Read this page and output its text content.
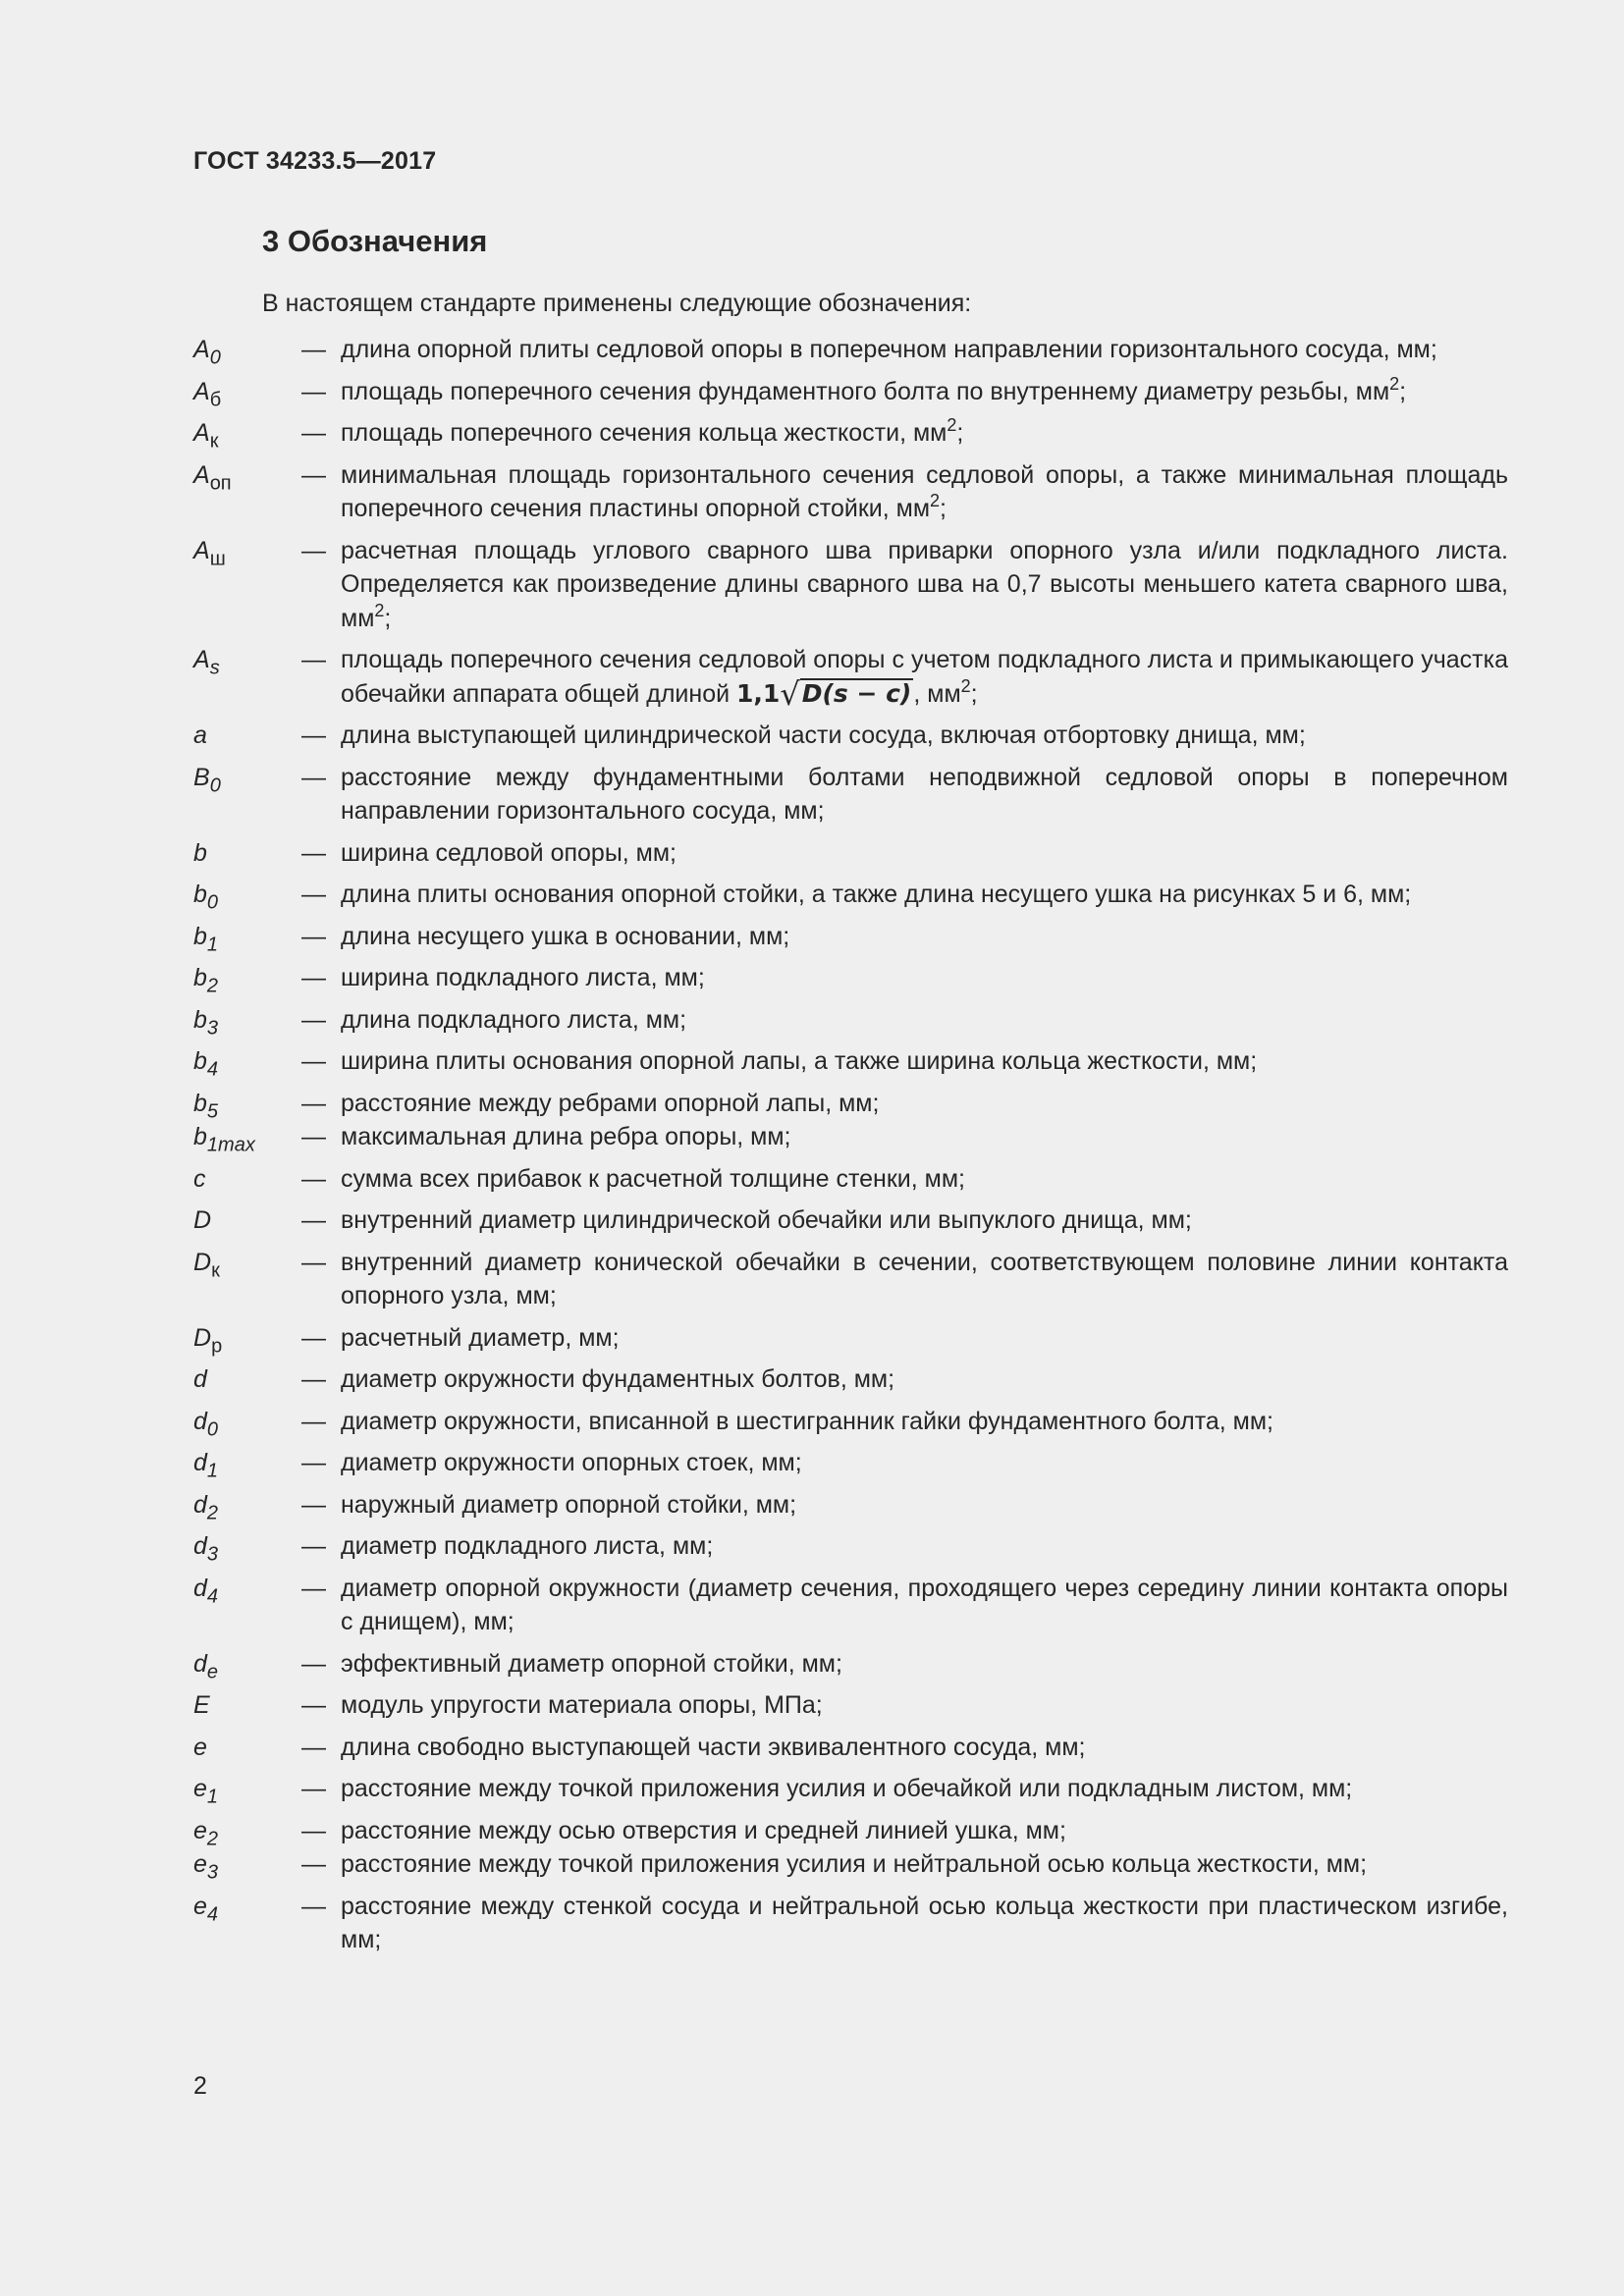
ГОСТ 34233.5—2017
3 Обозначения
В настоящем стандарте применены следующие обозначения:
$A_0$	— длина опорной плиты седловой опоры в поперечном направлении горизонтального сосуда, мм;
$A_б$	— площадь поперечного сечения фундаментного болта по внутреннему диаметру резьбы, $мм^2$;
$A_к$	— площадь поперечного сечения кольца жесткости, $мм^2$;
$A_{оп}$	— минимальная площадь горизонтального сечения седловой опоры, а также минимальная площадь поперечного сечения пластины опорной стойки, $мм^2$;
$A_ш$	— расчетная площадь углового сварного шва приварки опорного узла и/или подкладного листа. Определяется как произведение длины сварного шва на 0,7 высоты меньшего катета сварного шва, $мм^2$;
$A_s$	— площадь поперечного сечения седловой опоры с учетом подкладного листа и примыкающего участка обечайки аппарата общей длиной 1,1√D(s − c), $мм^2$;
a	— длина выступающей цилиндрической части сосуда, включая отбортовку днища, мм;
$B_0$	— расстояние между фундаментными болтами неподвижной седловой опоры в поперечном направлении горизонтального сосуда, мм;
b	— ширина седловой опоры, мм;
$b_0$	— длина плиты основания опорной стойки, а также длина несущего ушка на рисунках 5 и 6, мм;
$b_1$	— длина несущего ушка в основании, мм;
$b_2$	— ширина подкладного листа, мм;
$b_3$	— длина подкладного листа, мм;
$b_4$	— ширина плиты основания опорной лапы, а также ширина кольца жесткости, мм;
$b_5$	— расстояние между ребрами опорной лапы, мм;
$b_{1max}$	— максимальная длина ребра опоры, мм;
c	— сумма всех прибавок к расчетной толщине стенки, мм;
D	— внутренний диаметр цилиндрической обечайки или выпуклого днища, мм;
$D_к$	— внутренний диаметр конической обечайки в сечении, соответствующем половине линии контакта опорного узла, мм;
$D_р$	— расчетный диаметр, мм;
d	— диаметр окружности фундаментных болтов, мм;
$d_0$	— диаметр окружности, вписанной в шестигранник гайки фундаментного болта, мм;
$d_1$	— диаметр окружности опорных стоек, мм;
$d_2$	— наружный диаметр опорной стойки, мм;
$d_3$	— диаметр подкладного листа, мм;
$d_4$	— диаметр опорной окружности (диаметр сечения, проходящего через середину линии контакта опоры с днищем), мм;
$d_e$	— эффективный диаметр опорной стойки, мм;
E	— модуль упругости материала опоры, МПа;
e	— длина свободно выступающей части эквивалентного сосуда, мм;
$e_1$	— расстояние между точкой приложения усилия и обечайкой или подкладным листом, мм;
$e_2$	— расстояние между осью отверстия и средней линией ушка, мм;
$e_3$	— расстояние между точкой приложения усилия и нейтральной осью кольца жесткости, мм;
$e_4$	— расстояние между стенкой сосуда и нейтральной осью кольца жесткости при пластическом изгибе, мм;
2
